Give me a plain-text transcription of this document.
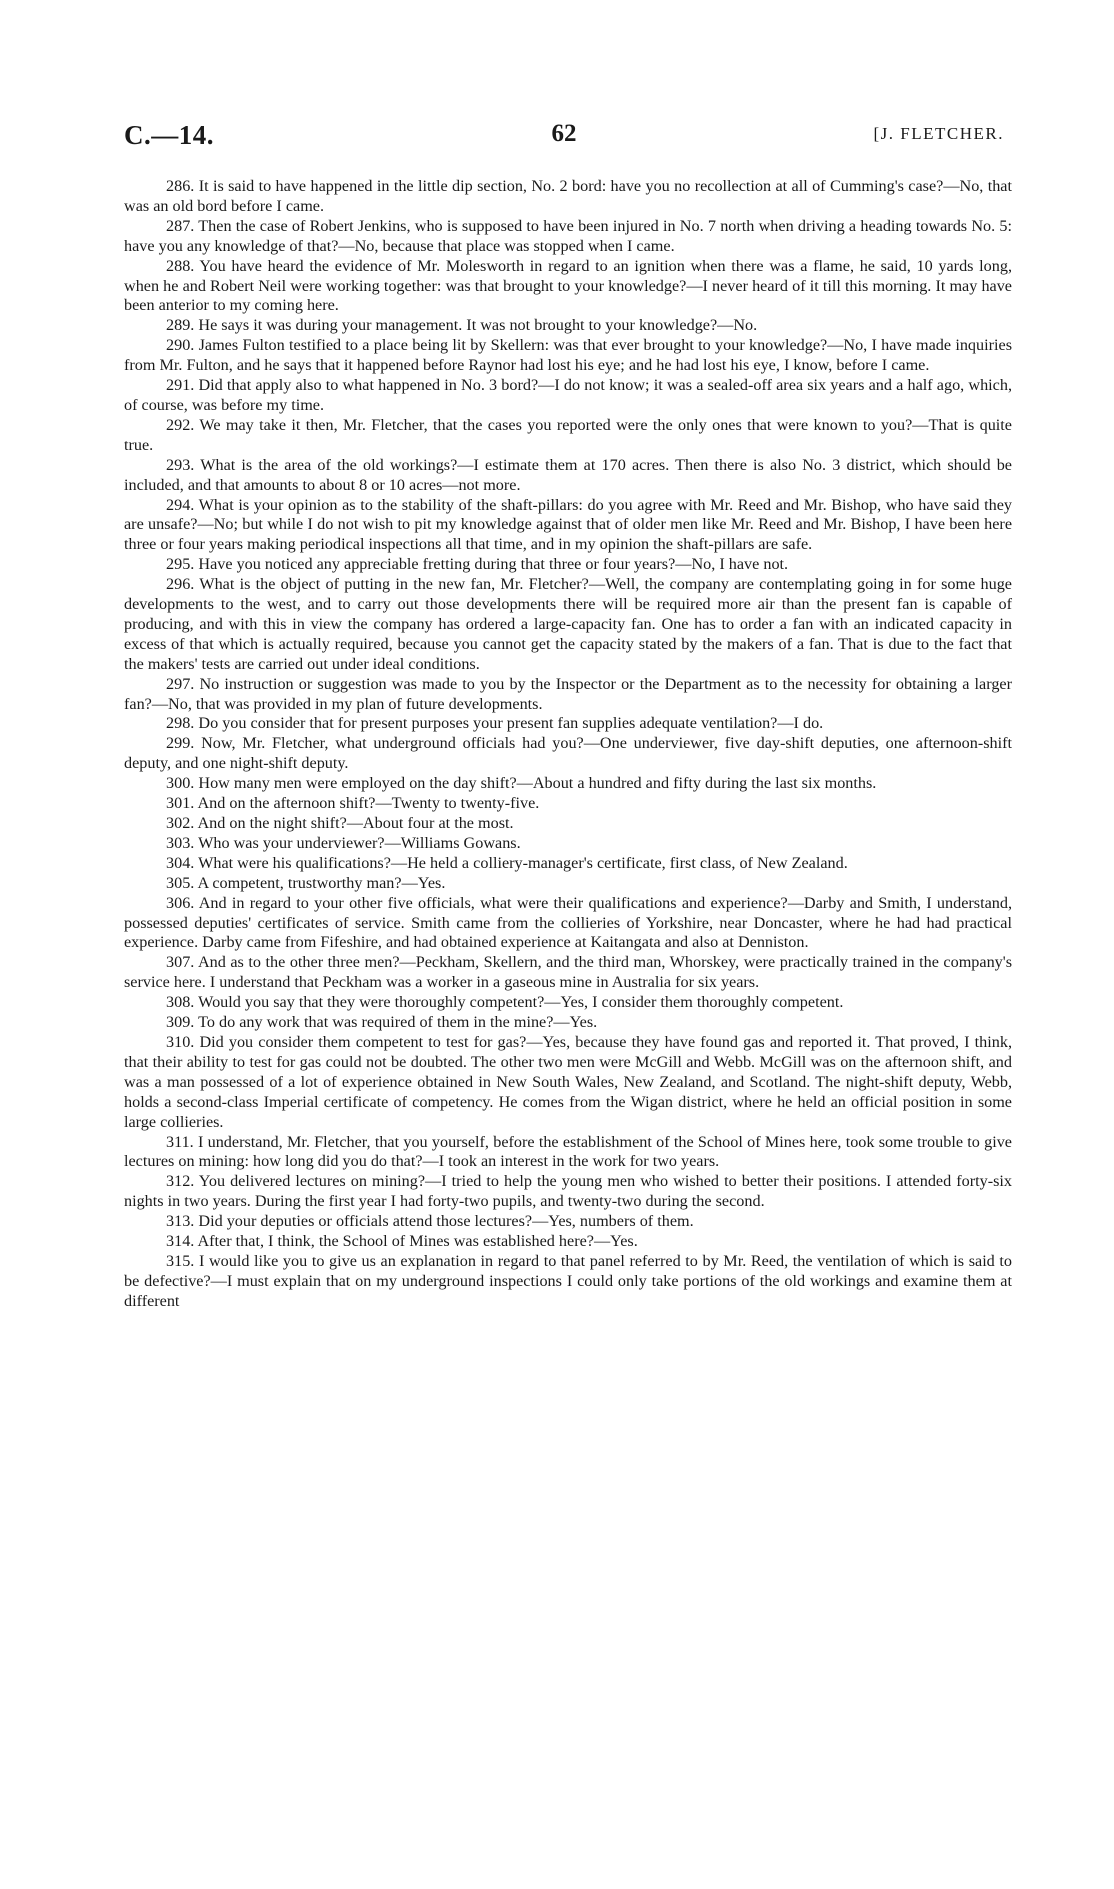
C.—14.	62	[J. FLETCHER.

286. It is said to have happened in the little dip section, No. 2 bord: have you no recollection at all of Cumming's case?—No, that was an old bord before I came.

287. Then the case of Robert Jenkins, who is supposed to have been injured in No. 7 north when driving a heading towards No. 5: have you any knowledge of that?—No, because that place was stopped when I came.

288. You have heard the evidence of Mr. Molesworth in regard to an ignition when there was a flame, he said, 10 yards long, when he and Robert Neil were working together: was that brought to your knowledge?—I never heard of it till this morning. It may have been anterior to my coming here.

289. He says it was during your management. It was not brought to your knowledge?—No.

290. James Fulton testified to a place being lit by Skellern: was that ever brought to your knowledge?—No, I have made inquiries from Mr. Fulton, and he says that it happened before Raynor had lost his eye; and he had lost his eye, I know, before I came.

291. Did that apply also to what happened in No. 3 bord?—I do not know; it was a sealed-off area six years and a half ago, which, of course, was before my time.

292. We may take it then, Mr. Fletcher, that the cases you reported were the only ones that were known to you?—That is quite true.

293. What is the area of the old workings?—I estimate them at 170 acres. Then there is also No. 3 district, which should be included, and that amounts to about 8 or 10 acres—not more.

294. What is your opinion as to the stability of the shaft-pillars: do you agree with Mr. Reed and Mr. Bishop, who have said they are unsafe?—No; but while I do not wish to pit my knowledge against that of older men like Mr. Reed and Mr. Bishop, I have been here three or four years making periodical inspections all that time, and in my opinion the shaft-pillars are safe.

295. Have you noticed any appreciable fretting during that three or four years?—No, I have not.

296. What is the object of putting in the new fan, Mr. Fletcher?—Well, the company are contemplating going in for some huge developments to the west, and to carry out those developments there will be required more air than the present fan is capable of producing, and with this in view the company has ordered a large-capacity fan. One has to order a fan with an indicated capacity in excess of that which is actually required, because you cannot get the capacity stated by the makers of a fan. That is due to the fact that the makers' tests are carried out under ideal conditions.

297. No instruction or suggestion was made to you by the Inspector or the Department as to the necessity for obtaining a larger fan?—No, that was provided in my plan of future developments.

298. Do you consider that for present purposes your present fan supplies adequate ventilation?—I do.

299. Now, Mr. Fletcher, what underground officials had you?—One underviewer, five day-shift deputies, one afternoon-shift deputy, and one night-shift deputy.

300. How many men were employed on the day shift?—About a hundred and fifty during the last six months.

301. And on the afternoon shift?—Twenty to twenty-five.

302. And on the night shift?—About four at the most.

303. Who was your underviewer?—Williams Gowans.

304. What were his qualifications?—He held a colliery-manager's certificate, first class, of New Zealand.

305. A competent, trustworthy man?—Yes.

306. And in regard to your other five officials, what were their qualifications and experience?—Darby and Smith, I understand, possessed deputies' certificates of service. Smith came from the collieries of Yorkshire, near Doncaster, where he had had practical experience. Darby came from Fifeshire, and had obtained experience at Kaitangata and also at Denniston.

307. And as to the other three men?—Peckham, Skellern, and the third man, Whorskey, were practically trained in the company's service here. I understand that Peckham was a worker in a gaseous mine in Australia for six years.

308. Would you say that they were thoroughly competent?—Yes, I consider them thoroughly competent.

309. To do any work that was required of them in the mine?—Yes.

310. Did you consider them competent to test for gas?—Yes, because they have found gas and reported it. That proved, I think, that their ability to test for gas could not be doubted. The other two men were McGill and Webb. McGill was on the afternoon shift, and was a man possessed of a lot of experience obtained in New South Wales, New Zealand, and Scotland. The night-shift deputy, Webb, holds a second-class Imperial certificate of competency. He comes from the Wigan district, where he held an official position in some large collieries.

311. I understand, Mr. Fletcher, that you yourself, before the establishment of the School of Mines here, took some trouble to give lectures on mining: how long did you do that?—I took an interest in the work for two years.

312. You delivered lectures on mining?—I tried to help the young men who wished to better their positions. I attended forty-six nights in two years. During the first year I had forty-two pupils, and twenty-two during the second.

313. Did your deputies or officials attend those lectures?—Yes, numbers of them.

314. After that, I think, the School of Mines was established here?—Yes.

315. I would like you to give us an explanation in regard to that panel referred to by Mr. Reed, the ventilation of which is said to be defective?—I must explain that on my underground inspections I could only take portions of the old workings and examine them at different
